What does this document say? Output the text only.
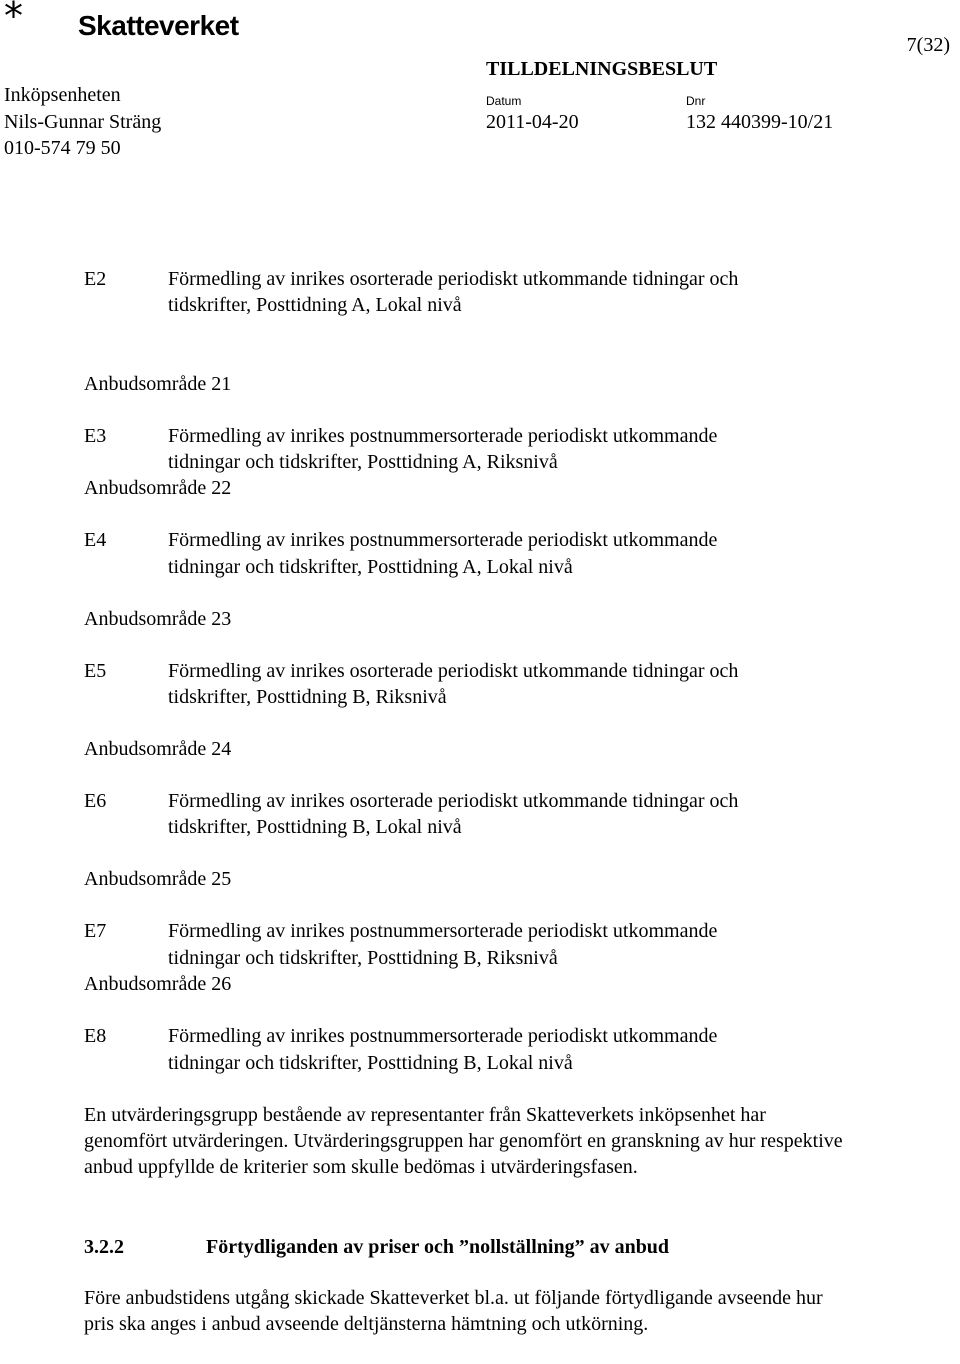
* Skatteverket
7(32)
TILLDELNINGSBESLUT
Inköpsenheten
Nils-Gunnar Sträng
010-574 79 50
Datum
2011-04-20
Dnr
132 440399-10/21
E2	Förmedling av inrikes osorterade periodiskt utkommande tidningar och
tidskrifter, Posttidning A, Lokal nivå
Anbudsområde 21
E3	Förmedling av inrikes postnummersorterade periodiskt utkommande
tidningar och tidskrifter, Posttidning A, Riksnivå
Anbudsområde 22
E4	Förmedling av inrikes postnummersorterade periodiskt utkommande
tidningar och tidskrifter, Posttidning A, Lokal nivå
Anbudsområde 23
E5	Förmedling av inrikes osorterade periodiskt utkommande tidningar och
tidskrifter, Posttidning B, Riksnivå
Anbudsområde 24
E6	Förmedling av inrikes osorterade periodiskt utkommande tidningar och
tidskrifter, Posttidning B, Lokal nivå
Anbudsområde 25
E7	Förmedling av inrikes postnummersorterade periodiskt utkommande
tidningar och tidskrifter, Posttidning B, Riksnivå
Anbudsområde 26
E8	Förmedling av inrikes postnummersorterade periodiskt utkommande
tidningar och tidskrifter, Posttidning B, Lokal nivå
En utvärderingsgrupp bestående av representanter från Skatteverkets inköpsenhet har genomfört utvärderingen. Utvärderingsgruppen har genomfört en granskning av hur respektive anbud uppfyllde de kriterier som skulle bedömas i utvärderingsfasen.
3.2.2	Förtydliganden av priser och ”nollställning” av anbud
Före anbudstidens utgång skickade Skatteverket bl.a. ut följande förtydligande avseende hur pris ska anges i anbud avseende deltjänsterna hämtning och utkörning.
